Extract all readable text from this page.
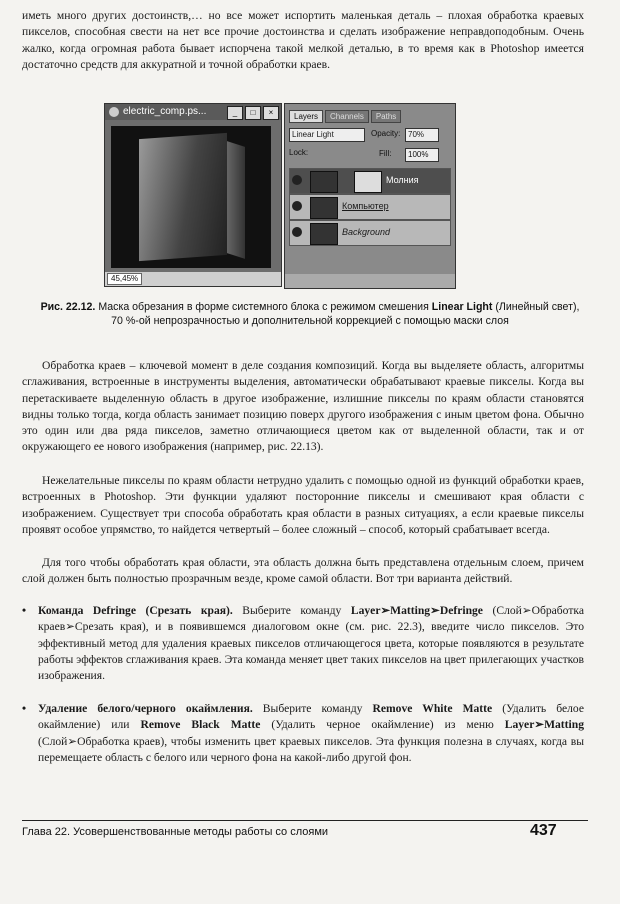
иметь много других достоинств,… но все может испортить маленькая деталь – плохая обработка краевых пикселов, способная свести на нет все прочие достоинства и сделать изображение неправдоподобным. Очень жалко, когда огромная работа бывает испорчена такой мелкой деталью, в то время как в Photoshop имеется достаточно средств для аккуратной и точной обработки краев.

electric_comp.ps...	_	□	×
45,45%
Layers	Channels	Paths
Linear Light	Opacity: 70%
Lock:	Fill:	100%
Молния
Компьютер
Background
Рис. 22.12. Маска обрезания в форме системного блока с режимом смешения Linear Light (Линейный свет), 70 %-ой непрозрачностью и дополнительной коррекцией с помощью маски слоя

Обработка краев – ключевой момент в деле создания композиций. Когда вы выделяете область, алгоритмы сглаживания, встроенные в инструменты выделения, автоматически обрабатывают краевые пикселы. Когда вы перетаскиваете выделенную область в другое изображение, излишние пикселы по краям области становятся видны только тогда, когда область занимает позицию поверх другого изображения с иным цветом фона. Обычно это один или два ряда пикселов, заметно отличающиеся цветом как от выделенной области, так и от окружающего ее нового изображения (например, рис. 22.13).

Нежелательные пикселы по краям области нетрудно удалить с помощью одной из функций обработки краев, встроенных в Photoshop. Эти функции удаляют посторонние пикселы и смешивают края области с изображением. Существует три способа обработать края области в разных ситуациях, а если краевые пикселы проявят особое упрямство, то найдется четвертый – более сложный – способ, который срабатывает всегда.

Для того чтобы обработать края области, эта область должна быть представлена отдельным слоем, причем слой должен быть полностью прозрачным везде, кроме самой области. Вот три варианта действий.

•	Команда Defringe (Срезать края). Выберите команду Layer➢Matting➢Defringe (Слой➢Обработка краев➢Срезать края), и в появившемся диалоговом окне (см. рис. 22.3), введите число пикселов. Это эффективный метод для удаления краевых пикселов отличающегося цвета, которые появляются в результате работы эффектов сглаживания краев. Эта команда меняет цвет таких пикселов на цвет прилегающих участков изображения.
•	Удаление белого/черного окаймления. Выберите команду Remove White Matte (Удалить белое окаймление) или Remove Black Matte (Удалить черное окаймление) из меню Layer➢Matting (Слой➢Обработка краев), чтобы изменить цвет краевых пикселов. Эта функция полезна в случаях, когда вы перемещаете область с белого или черного фона на какой-либо другой фон.
Глава 22. Усовершенствованные методы работы со слоями	437
